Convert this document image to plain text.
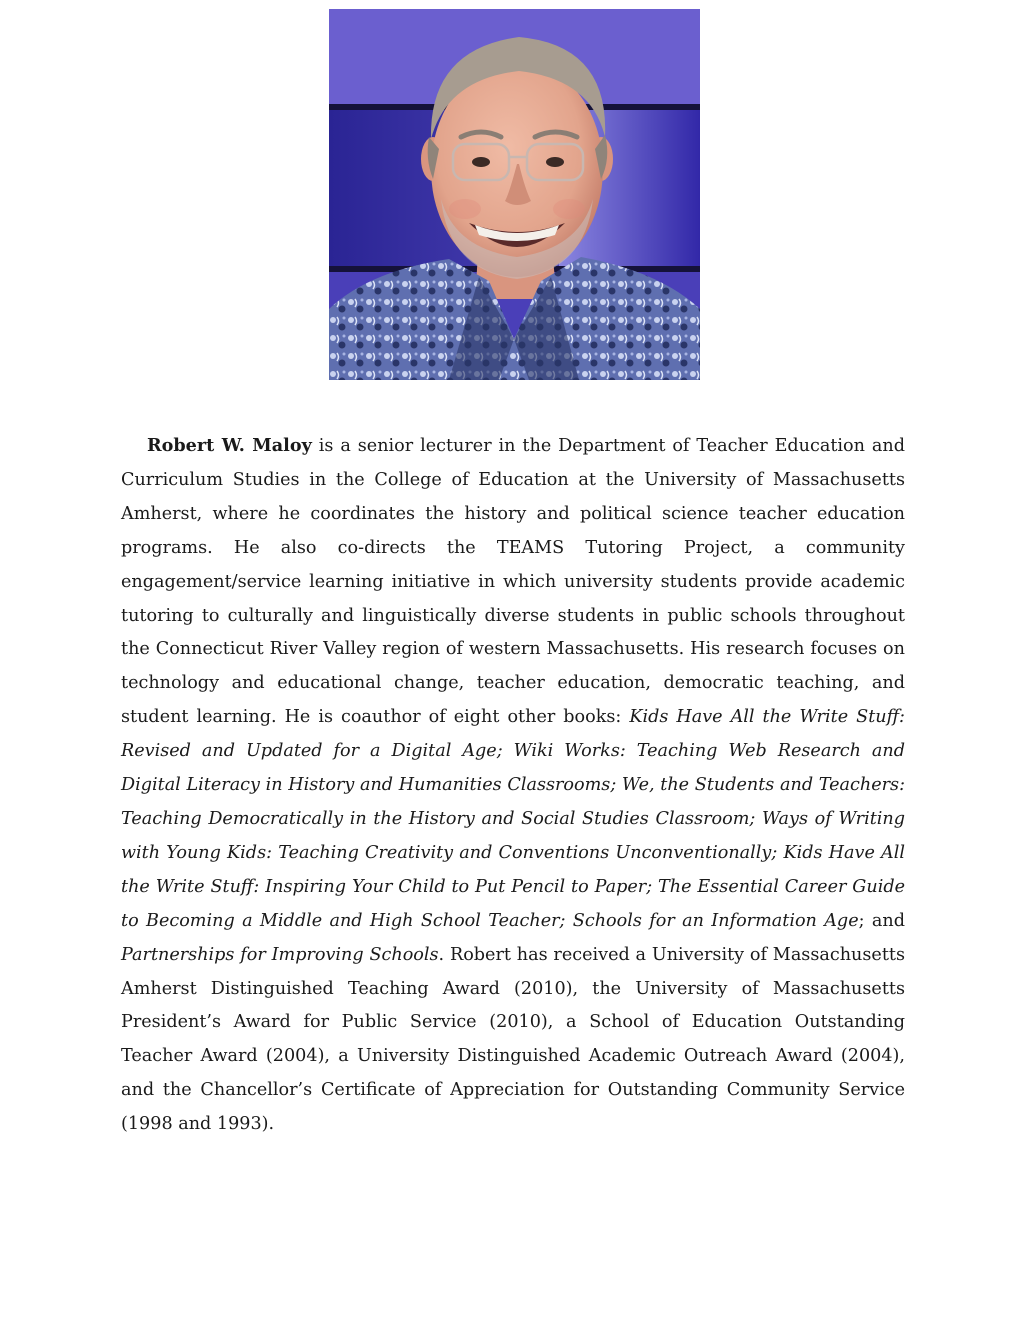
Robert W. Maloy is a senior lecturer in the Department of Teacher Education and Curriculum Studies in the College of Education at the University of Massachusetts Amherst, where he coordinates the history and political science teacher education programs. He also co-directs the TEAMS Tutoring Project, a community engagement/service learning initiative in which university students provide academic tutoring to culturally and linguistically diverse students in public schools throughout the Connecticut River Valley region of western Massachusetts. His research focuses on technology and educational change, teacher education, democratic teaching, and student learning. He is coauthor of eight other books: Kids Have All the Write Stuff: Revised and Updated for a Digital Age; Wiki Works: Teaching Web Research and Digital Literacy in History and Humanities Classrooms; We, the Students and Teachers: Teaching Democratically in the History and Social Studies Classroom; Ways of Writing with Young Kids: Teaching Creativity and Conventions Unconventionally; Kids Have All the Write Stuff: Inspiring Your Child to Put Pencil to Paper; The Essential Career Guide to Becoming a Middle and High School Teacher; Schools for an Information Age; and Partnerships for Improving Schools. Robert has received a University of Massachusetts Amherst Distinguished Teaching Award (2010), the University of Massachusetts President’s Award for Public Service (2010), a School of Education Outstanding Teacher Award (2004), a University Distinguished Academic Outreach Award (2004), and the Chancellor’s Certificate of Appreciation for Outstanding Community Service (1998 and 1993).
